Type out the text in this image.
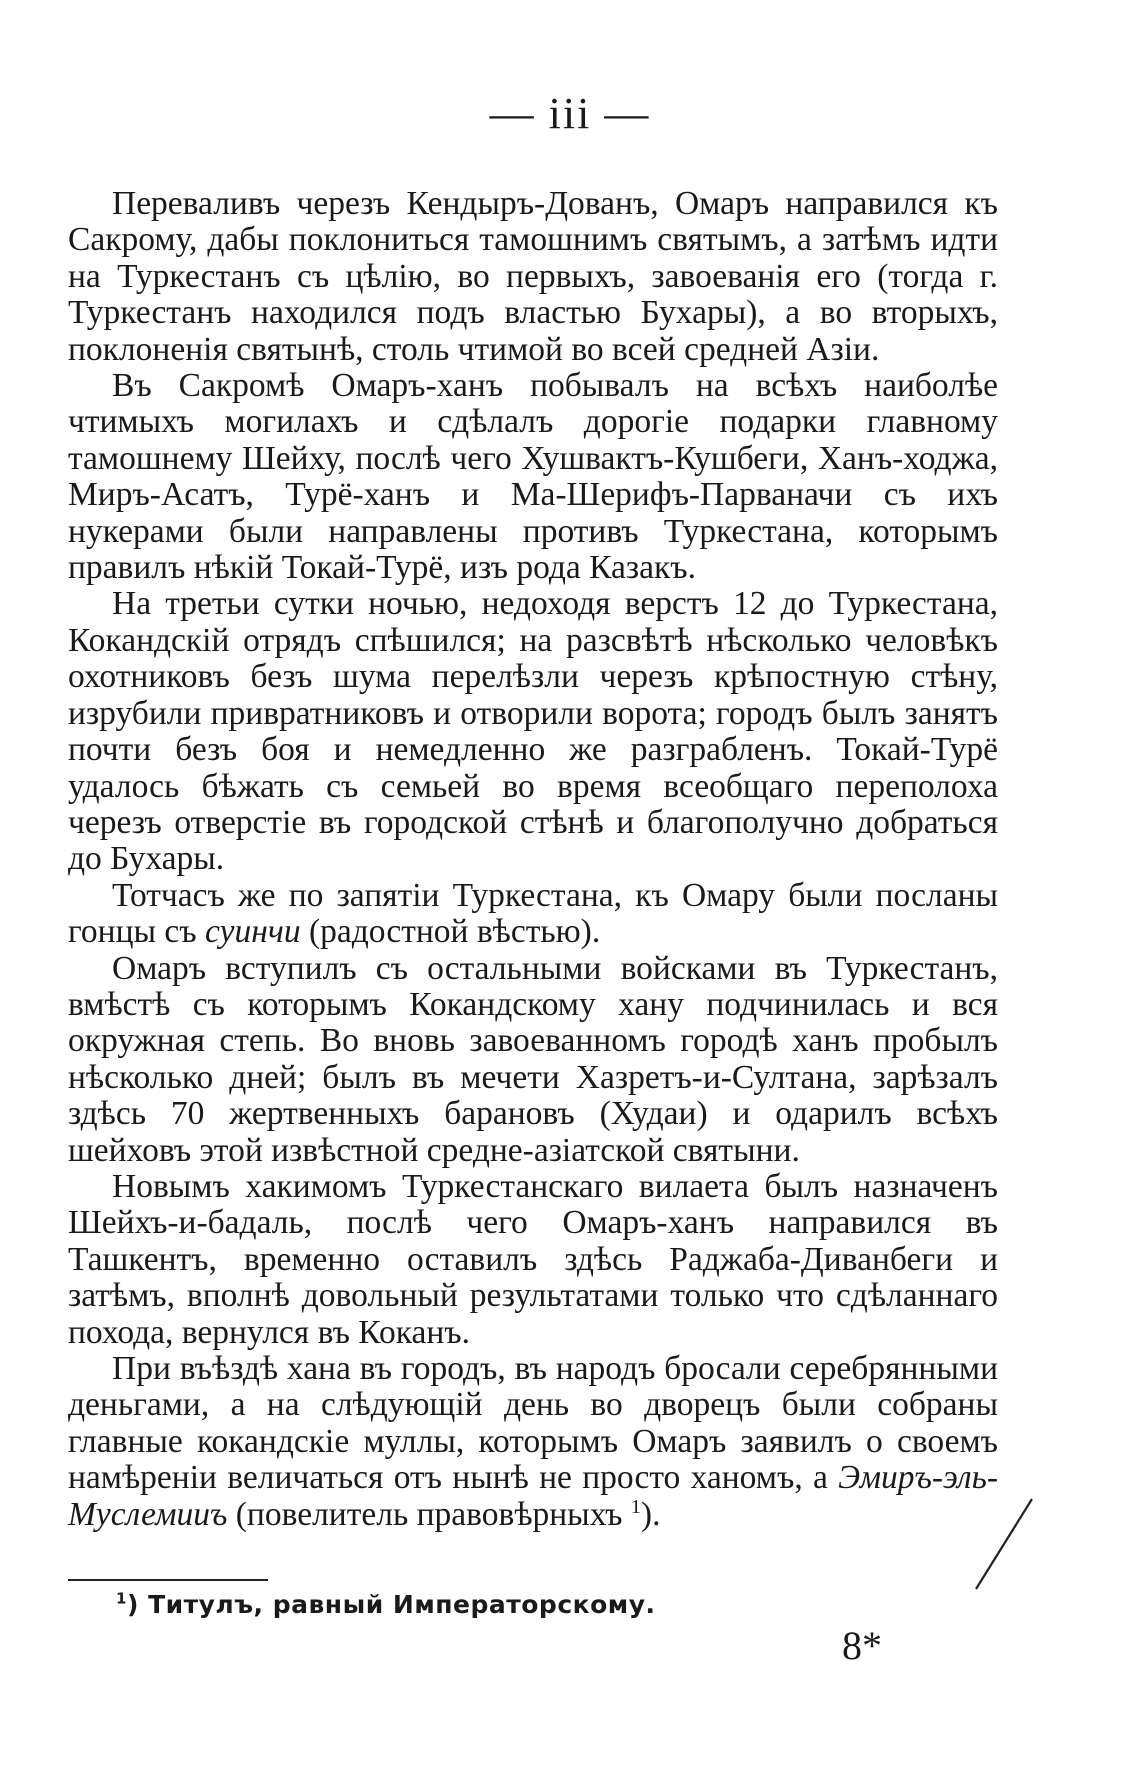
— iii —

Переваливъ черезъ Кендыръ-Дованъ, Омаръ направился къ Сакрому, дабы поклониться тамошнимъ святымъ, а затѣмъ идти на Туркестанъ съ цѣлію, во первыхъ, завоеванія его (тогда г. Туркестанъ находился подъ властью Бухары), а во вторыхъ, поклоненія святынѣ, столь чтимой во всей средней Азіи.

Въ Сакромѣ Омаръ-ханъ побывалъ на всѣхъ наиболѣе чтимыхъ могилахъ и сдѣлалъ дорогіе подарки главному тамошнему Шейху, послѣ чего Хушвактъ-Кушбеги, Ханъ-ходжа, Миръ-Асатъ, Турё-ханъ и Ма-Шерифъ-Парваначи съ ихъ нукерами были направлены противъ Туркестана, которымъ правилъ нѣкій Токай-Турё, изъ рода Казакъ.

На третьи сутки ночью, недоходя верстъ 12 до Туркестана, Кокандскій отрядъ спѣшился; на разсвѣтѣ нѣсколько человѣкъ охотниковъ безъ шума перелѣзли черезъ крѣпостную стѣну, изрубили привратниковъ и отворили ворота; городъ былъ занятъ почти безъ боя и немедленно же разграбленъ. Токай-Турё удалось бѣжать съ семьей во время всеобщаго переполоха черезъ отверстіе въ городской стѣнѣ и благополучно добраться до Бухары.

Тотчасъ же по запятіи Туркестана, къ Омару были посланы гонцы съ суинчи (радостной вѣстью).

Омаръ вступилъ съ остальными войсками въ Туркестанъ, вмѣстѣ съ которымъ Кокандскому хану подчинилась и вся окружная степь. Во вновь завоеванномъ городѣ ханъ пробылъ нѣсколько дней; былъ въ мечети Хазретъ-и-Султана, зарѣзалъ здѣсь 70 жертвенныхъ барановъ (Худаи) и одарилъ всѣхъ шейховъ этой извѣстной средне-азіатской святыни.

Новымъ хакимомъ Туркестанскаго вилаета былъ назначенъ Шейхъ-и-бадаль, послѣ чего Омаръ-ханъ направился въ Ташкентъ, временно оставилъ здѣсь Раджаба-Диванбеги и затѣмъ, вполнѣ довольный результатами только что сдѣланнаго похода, вернулся въ Коканъ.

При въѣздѣ хана въ городъ, въ народъ бросали серебрянными деньгами, а на слѣдующій день во дворецъ были собраны главные кокандскіе муллы, которымъ Омаръ заявилъ о своемъ намѣреніи величаться отъ нынѣ не просто ханомъ, а Эмиръ-эль-Муслемииъ (повелитель правовѣрныхъ $^1$).

$^1$) Титулъ, равный Императорскому.
8*
